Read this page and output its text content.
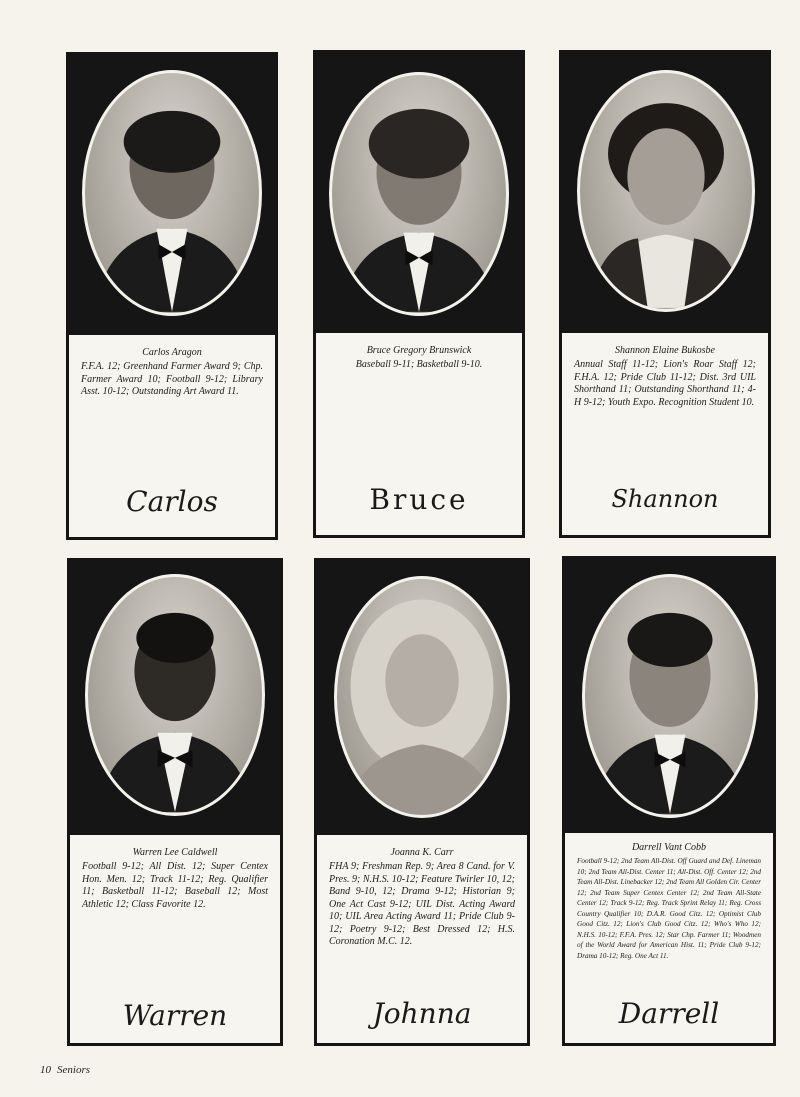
Carlos Aragon
F.F.A. 12; Greenhand Farmer Award 9; Chp. Farmer Award 10; Football 9-12; Library Asst. 10-12; Outstanding Art Award 11.
Carlos
Bruce Gregory Brunswick
Baseball 9-11; Basketball 9-10.
Bruce
Shannon Elaine Bukosbe
Annual Staff 11-12; Lion's Roar Staff 12; F.H.A. 12; Pride Club 11-12; Dist. 3rd UIL Shorthand 11; Outstanding Shorthand 11; 4-H 9-12; Youth Expo. Recognition Student 10.
Shannon
Warren Lee Caldwell
Football 9-12; All Dist. 12; Super Centex Hon. Men. 12; Track 11-12; Reg. Qualifier 11; Basketball 11-12; Baseball 12; Most Athletic 12; Class Favorite 12.
Warren
Joanna K. Carr
FHA 9; Freshman Rep. 9; Area 8 Cand. for V. Pres. 9; N.H.S. 10-12; Feature Twirler 10, 12; Band 9-10, 12; Drama 9-12; Historian 9; One Act Cast 9-12; UIL Dist. Acting Award 10; UIL Area Acting Award 11; Pride Club 9-12; Poetry 9-12; Best Dressed 12; H.S. Coronation M.C. 12.
Johnna
Darrell Vant Cobb
Football 9-12; 2nd Team All-Dist. Off Guard and Def. Lineman 10; 2nd Team All-Dist. Center 11; All-Dist. Off. Center 12; 2nd Team All-Dist. Linebacker 12; 2nd Team All Golden Cir. Center 12; 2nd Team Super Centex Center 12; 2nd Team All-State Center 12; Track 9-12; Reg. Track Sprint Relay 11; Reg. Cross Country Qualifier 10; D.A.R. Good Citz. 12; Optimist Club Good Citz. 12; Lion's Club Good Citz. 12; Who's Who 12; N.H.S. 10-12; F.F.A. Pres. 12; Star Chp. Farmer 11; Woodmen of the World Award for American Hist. 11; Pride Club 9-12; Drama 10-12; Reg. One Act 11.
Darrell
10 Seniors
